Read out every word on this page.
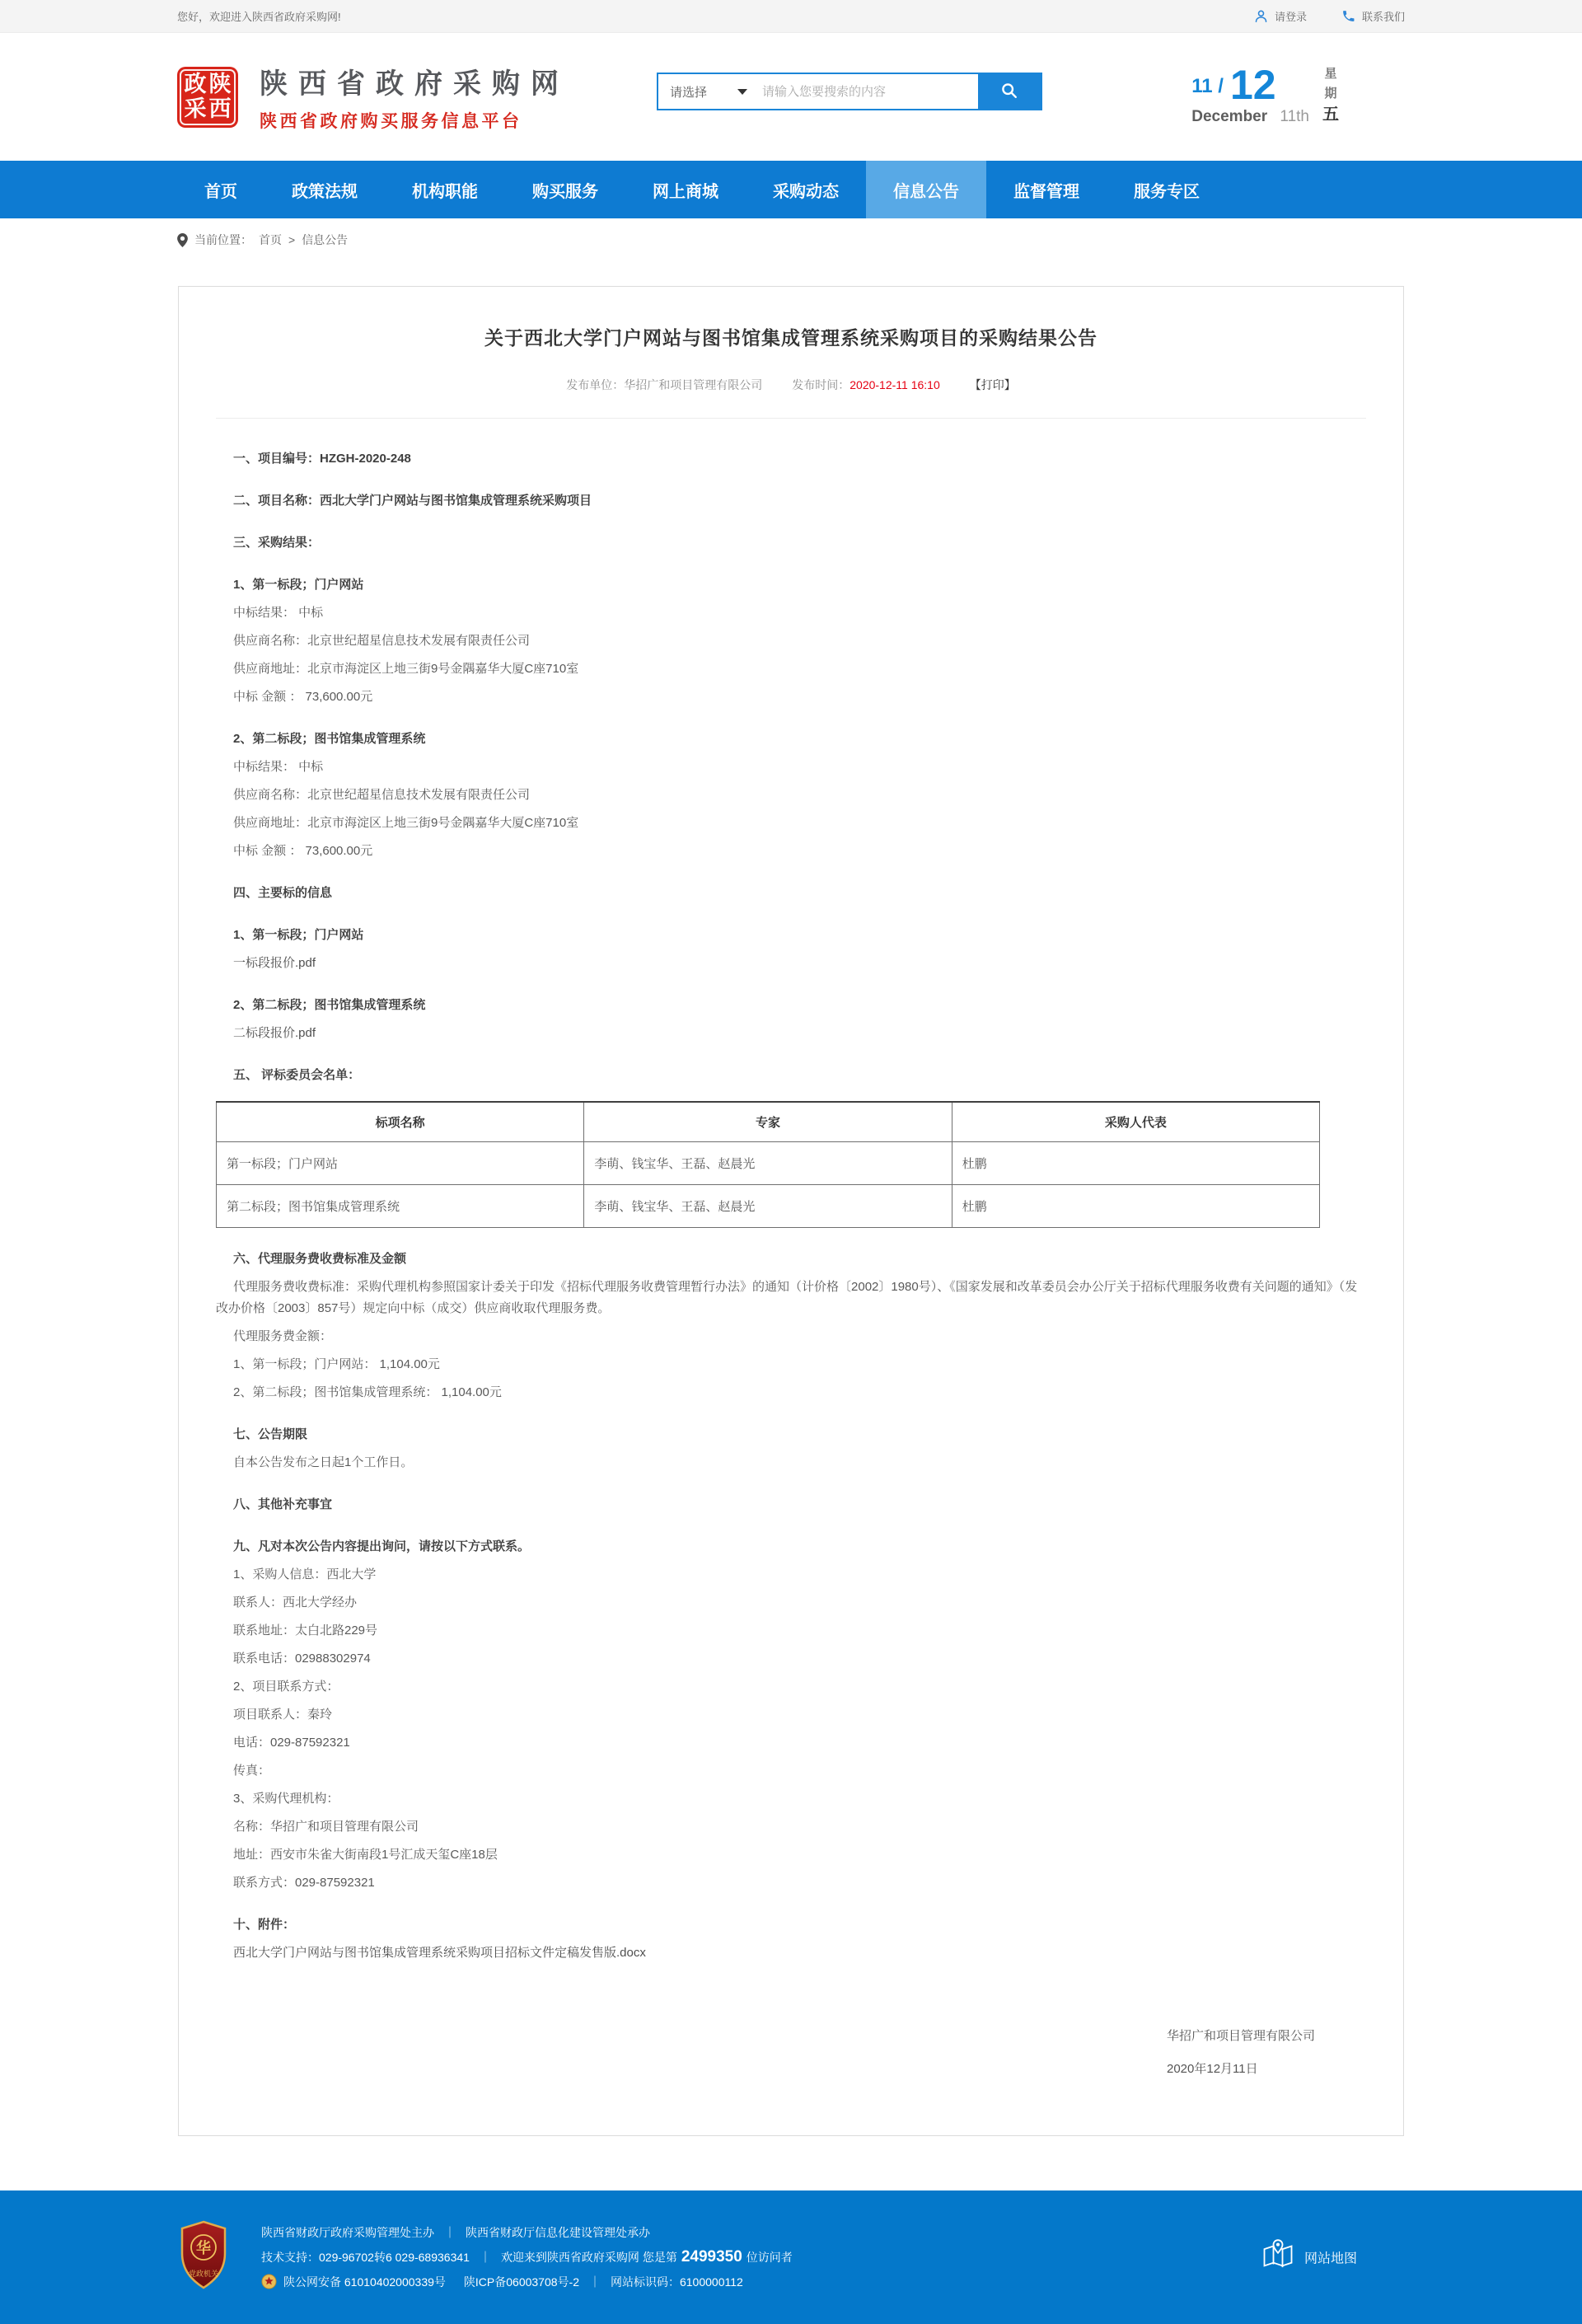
您好，欢迎进入陕西省政府采购网!	请登录	联系我们
政 陕
采 西
陕西省政府采购网
陕西省政府购买服务信息平台
请选择
请输入您要搜索的内容	11 / 12
December 11th
星
期
五
首页	政策法规	机构职能	购买服务	网上商城	采购动态	信息公告	监督管理	服务专区
当前位置： 首页 > 信息公告
关于西北大学门户网站与图书馆集成管理系统采购项目的采购结果公告
发布单位：华招广和项目管理有限公司	发布时间：2020-12-11 16:10	【打印】
一、项目编号：HZGH-2020-248
二、项目名称：西北大学门户网站与图书馆集成管理系统采购项目
三、采购结果：
1、第一标段；门户网站
中标结果： 中标
供应商名称：北京世纪超星信息技术发展有限责任公司
供应商地址：北京市海淀区上地三街9号金隅嘉华大厦C座710室
中标 金额 ： 73,600.00元
2、第二标段；图书馆集成管理系统
中标结果： 中标
供应商名称：北京世纪超星信息技术发展有限责任公司
供应商地址：北京市海淀区上地三街9号金隅嘉华大厦C座710室
中标 金额 ： 73,600.00元
四、主要标的信息
1、第一标段；门户网站
一标段报价.pdf
2、第二标段；图书馆集成管理系统
二标段报价.pdf
五、 评标委员会名单：
标项名称	专家	采购人代表
第一标段；门户网站	李萌、钱宝华、王磊、赵晨光	杜鹏
第二标段；图书馆集成管理系统	李萌、钱宝华、王磊、赵晨光	杜鹏
六、代理服务费收费标准及金额
代理服务费收费标准：采购代理机构参照国家计委关于印发《招标代理服务收费管理暂行办法》的通知（计价格〔2002〕1980号）、《国家发展和改革委员会办公厅关于招标代理服务收费有关问题的通知》（发改办价格〔2003〕857号）规定向中标（成交）供应商收取代理服务费。
代理服务费金额：
1、第一标段；门户网站： 1,104.00元
2、第二标段；图书馆集成管理系统： 1,104.00元
七、公告期限
自本公告发布之日起1个工作日。
八、其他补充事宜
九、凡对本次公告内容提出询问，请按以下方式联系。
1、采购人信息：西北大学
联系人：西北大学经办
联系地址：太白北路229号
联系电话：02988302974
2、项目联系方式：
项目联系人：秦玲
电话：029-87592321
传真：
3、采购代理机构：
名称：华招广和项目管理有限公司
地址：西安市朱雀大街南段1号汇成天玺C座18层
联系方式：029-87592321
十、附件：
西北大学门户网站与图书馆集成管理系统采购项目招标文件定稿发售版.docx
华招广和项目管理有限公司
2020年12月11日
华
党政机关
陕西省财政厅政府采购管理处主办 ｜ 陕西省财政厅信息化建设管理处承办
技术支持：029-96702转6 029-68936341 ｜ 欢迎来到陕西省政府采购网 您是第 2499350 位访问者
陕公网安备 61010402000339号 陕ICP备06003708号-2 ｜ 网站标识码：6100000112
网站地图
